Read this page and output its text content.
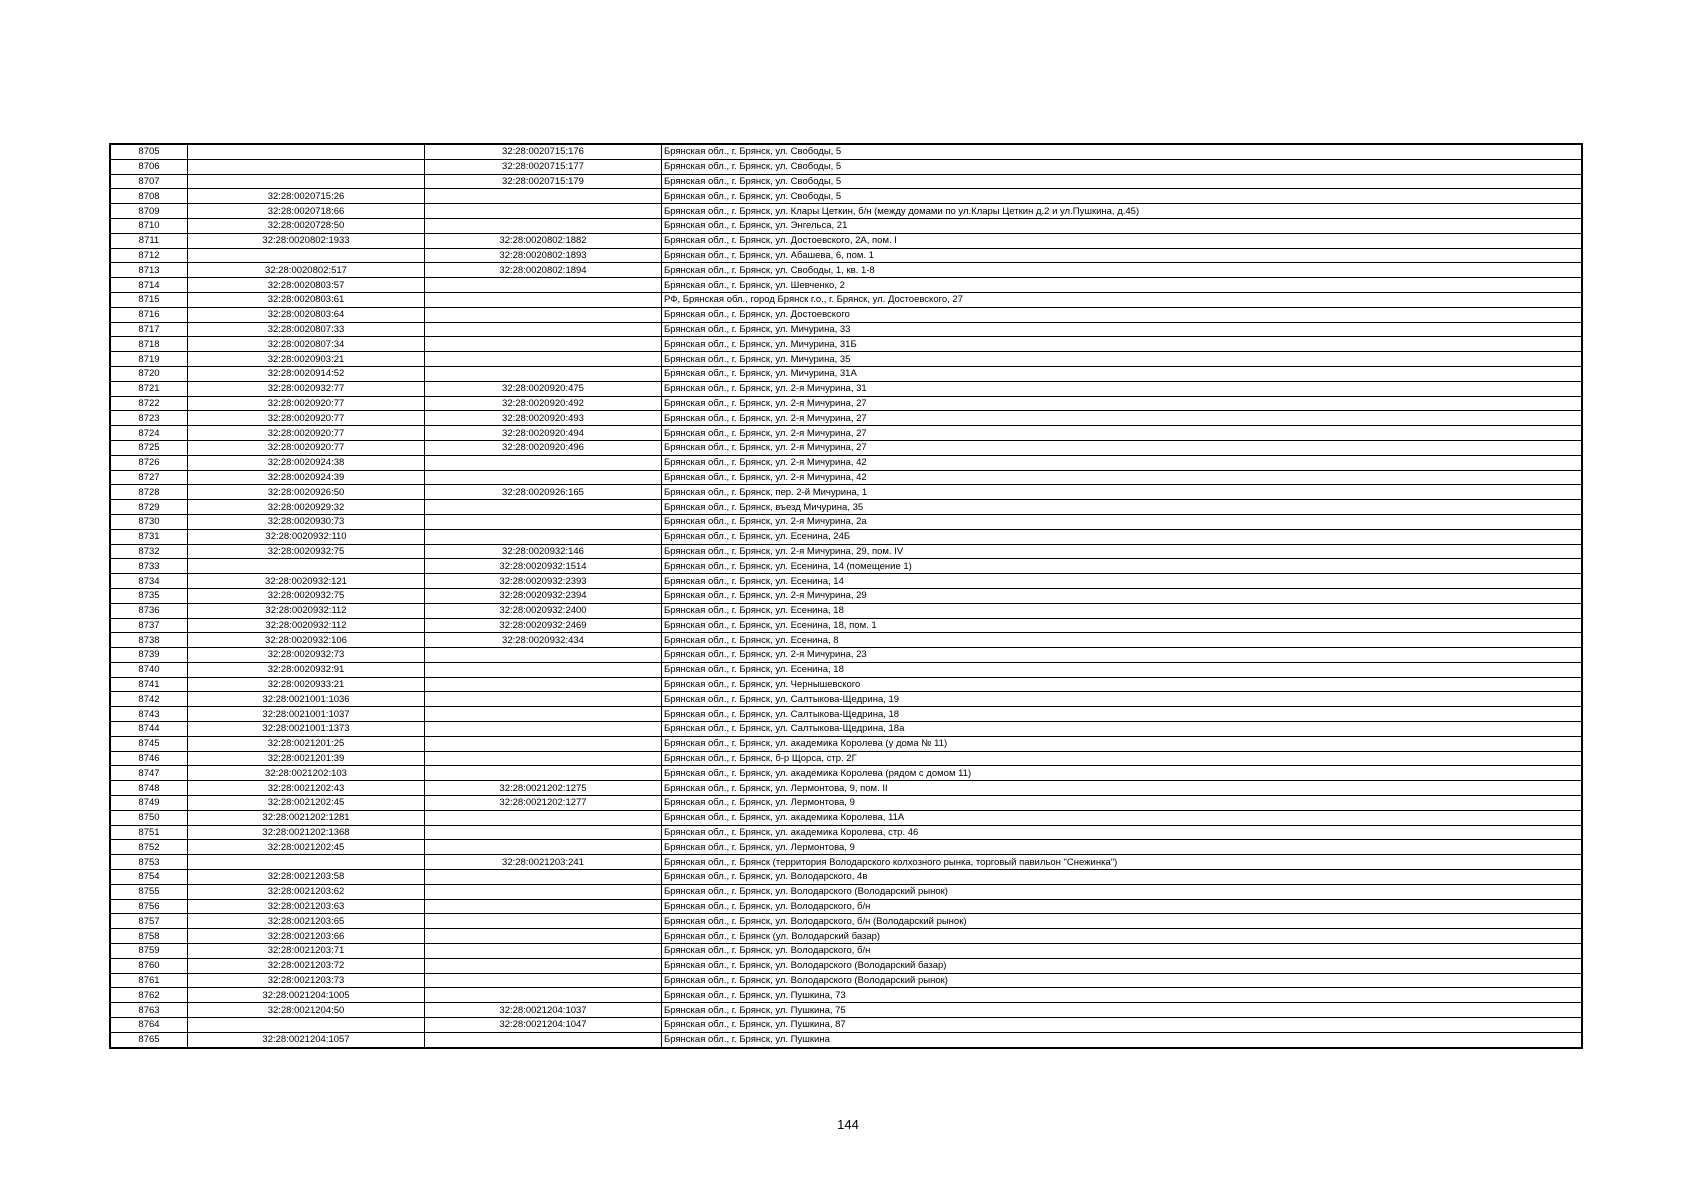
8705		32:28:0020715:176	Брянская обл., г. Брянск, ул. Свободы, 5
8706		32:28:0020715:177	Брянская обл., г. Брянск, ул. Свободы, 5
8707		32:28:0020715:179	Брянская обл., г. Брянск, ул. Свободы, 5
8708	32:28:0020715:26		Брянская обл., г. Брянск, ул. Свободы, 5
8709	32:28:0020718:66		Брянская обл., г. Брянск, ул. Клары Цеткин, б/н (между домами по ул.Клары Цеткин д.2 и ул.Пушкина, д.45)
8710	32:28:0020728:50		Брянская обл., г. Брянск, ул. Энгельса, 21
8711	32:28:0020802:1933	32:28:0020802:1882	Брянская обл., г. Брянск, ул. Достоевского, 2А, пом. I
8712		32:28:0020802:1893	Брянская обл., г. Брянск, ул. Абашева, 6, пом. 1
8713	32:28:0020802:517	32:28:0020802:1894	Брянская обл., г. Брянск, ул. Свободы, 1, кв. 1-8
8714	32:28:0020803:57		Брянская обл., г. Брянск, ул. Шевченко, 2
8715	32:28:0020803:61		РФ, Брянская обл., город Брянск г.о., г. Брянск, ул. Достоевского, 27
8716	32:28:0020803:64		Брянская обл., г. Брянск, ул. Достоевского
8717	32:28:0020807:33		Брянская обл., г. Брянск, ул. Мичурина, 33
8718	32:28:0020807:34		Брянская обл., г. Брянск, ул. Мичурина, 31Б
8719	32:28:0020903:21		Брянская обл., г. Брянск, ул. Мичурина, 35
8720	32:28:0020914:52		Брянская обл., г. Брянск, ул. Мичурина, 31А
8721	32:28:0020932:77	32:28:0020920:475	Брянская обл., г. Брянск, ул. 2-я Мичурина, 31
8722	32:28:0020920:77	32:28:0020920:492	Брянская обл., г. Брянск, ул. 2-я Мичурина, 27
8723	32:28:0020920:77	32:28:0020920:493	Брянская обл., г. Брянск, ул. 2-я Мичурина, 27
8724	32:28:0020920:77	32:28:0020920:494	Брянская обл., г. Брянск, ул. 2-я Мичурина, 27
8725	32:28:0020920:77	32:28:0020920:496	Брянская обл., г. Брянск, ул. 2-я Мичурина, 27
8726	32:28:0020924:38		Брянская обл., г. Брянск, ул. 2-я Мичурина, 42
8727	32:28:0020924:39		Брянская обл., г. Брянск, ул. 2-я Мичурина, 42
8728	32:28:0020926:50	32:28:0020926:165	Брянская обл., г. Брянск, пер. 2-й Мичурина, 1
8729	32:28:0020929:32		Брянская обл., г. Брянск, въезд Мичурина, 35
8730	32:28:0020930:73		Брянская обл., г. Брянск, ул. 2-я Мичурина, 2а
8731	32:28:0020932:110		Брянская обл., г. Брянск, ул. Есенина, 24Б
8732	32:28:0020932:75	32:28:0020932:146	Брянская обл., г. Брянск, ул. 2-я Мичурина, 29, пом. IV
8733		32:28:0020932:1514	Брянская обл., г. Брянск, ул. Есенина, 14 (помещение 1)
8734	32:28:0020932:121	32:28:0020932:2393	Брянская обл., г. Брянск, ул. Есенина, 14
8735	32:28:0020932:75	32:28:0020932:2394	Брянская обл., г. Брянск, ул. 2-я Мичурина, 29
8736	32:28:0020932:112	32:28:0020932:2400	Брянская обл., г. Брянск, ул. Есенина, 18
8737	32:28:0020932:112	32:28:0020932:2469	Брянская обл., г. Брянск, ул. Есенина, 18, пом. 1
8738	32:28:0020932:106	32:28:0020932:434	Брянская обл., г. Брянск, ул. Есенина, 8
8739	32:28:0020932:73		Брянская обл., г. Брянск, ул. 2-я Мичурина, 23
8740	32:28:0020932:91		Брянская обл., г. Брянск, ул. Есенина, 18
8741	32:28:0020933:21		Брянская обл., г. Брянск, ул. Чернышевского
8742	32:28:0021001:1036		Брянская обл., г. Брянск, ул. Салтыкова-Щедрина, 19
8743	32:28:0021001:1037		Брянская обл., г. Брянск, ул. Салтыкова-Щедрина, 18
8744	32:28:0021001:1373		Брянская обл., г. Брянск, ул. Салтыкова-Щедрина, 18а
8745	32:28:0021201:25		Брянская обл., г. Брянск, ул. академика Королева (у дома № 11)
8746	32:28:0021201:39		Брянская обл., г. Брянск, б-р Щорса, стр. 2Г
8747	32:28:0021202:103		Брянская обл., г. Брянск, ул. академика Королева (рядом с домом 11)
8748	32:28:0021202:43	32:28:0021202:1275	Брянская обл., г. Брянск, ул. Лермонтова, 9, пом. II
8749	32:28:0021202:45	32:28:0021202:1277	Брянская обл., г. Брянск, ул. Лермонтова, 9
8750	32:28:0021202:1281		Брянская обл., г. Брянск, ул. академика Королева, 11А
8751	32:28:0021202:1368		Брянская обл., г. Брянск, ул. академика Королева, стр. 46
8752	32:28:0021202:45		Брянская обл., г. Брянск, ул. Лермонтова, 9
8753		32:28:0021203:241	Брянская обл., г. Брянск (территория Володарского колхозного рынка, торговый павильон "Снежинка")
8754	32:28:0021203:58		Брянская обл., г. Брянск, ул. Володарского, 4в
8755	32:28:0021203:62		Брянская обл., г. Брянск, ул. Володарского (Володарский рынок)
8756	32:28:0021203:63		Брянская обл., г. Брянск, ул. Володарского, б/н
8757	32:28:0021203:65		Брянская обл., г. Брянск, ул. Володарского, б/н (Володарский рынок)
8758	32:28:0021203:66		Брянская обл., г. Брянск (ул. Володарский базар)
8759	32:28:0021203:71		Брянская обл., г. Брянск, ул. Володарского, б/н
8760	32:28:0021203:72		Брянская обл., г. Брянск, ул. Володарского (Володарский базар)
8761	32:28:0021203:73		Брянская обл., г. Брянск, ул. Володарского (Володарский рынок)
8762	32:28:0021204:1005		Брянская обл., г. Брянск, ул. Пушкина, 73
8763	32:28:0021204:50	32:28:0021204:1037	Брянская обл., г. Брянск, ул. Пушкина, 75
8764		32:28:0021204:1047	Брянская обл., г. Брянск, ул. Пушкина, 87
8765	32:28:0021204:1057		Брянская обл., г. Брянск, ул. Пушкина
144
